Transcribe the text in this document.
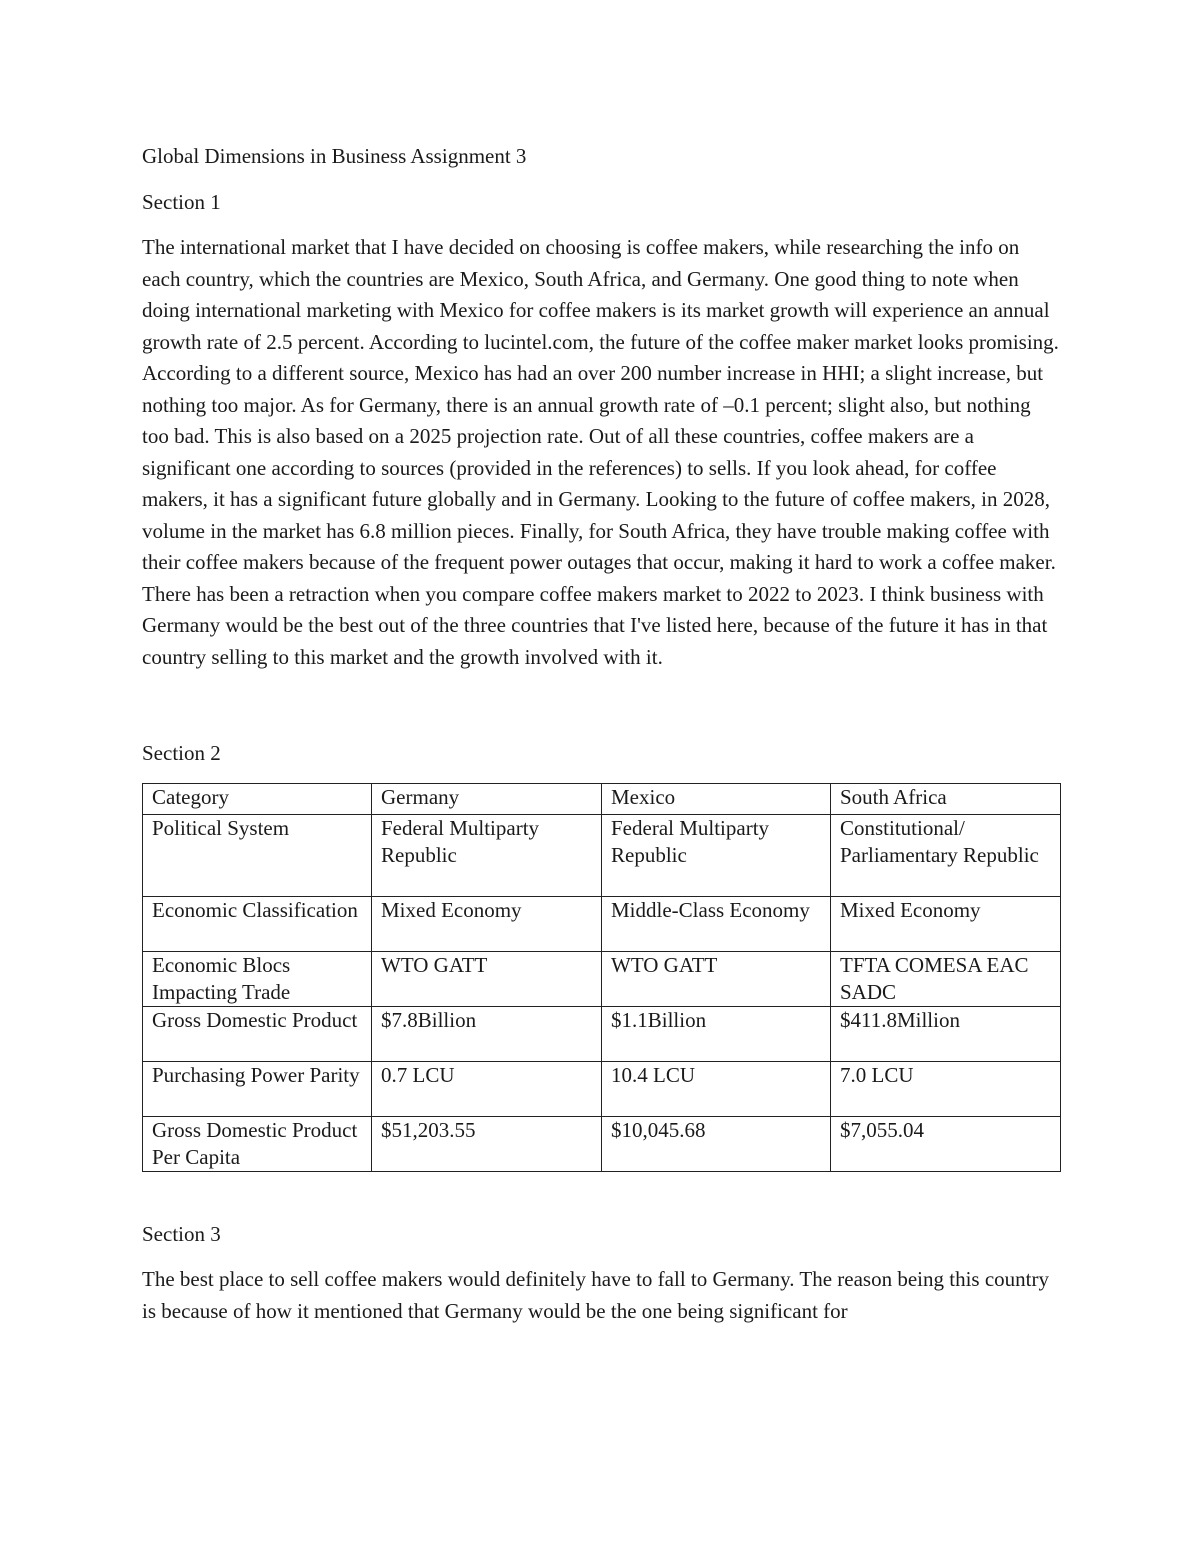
Global Dimensions in Business Assignment 3
Section 1

The international market that I have decided on choosing is coffee makers, while researching the info on each country, which the countries are Mexico, South Africa, and Germany. One good thing to note when doing international marketing with Mexico for coffee makers is its market growth will experience an annual growth rate of 2.5 percent. According to lucintel.com, the future of the coffee maker market looks promising. According to a different source, Mexico has had an over 200 number increase in HHI; a slight increase, but nothing too major. As for Germany, there is an annual growth rate of –0.1 percent; slight also, but nothing too bad. This is also based on a 2025 projection rate. Out of all these countries, coffee makers are a significant one according to sources (provided in the references) to sells. If you look ahead, for coffee makers, it has a significant future globally and in Germany. Looking to the future of coffee makers, in 2028, volume in the market has 6.8 million pieces. Finally, for South Africa, they have trouble making coffee with their coffee makers because of the frequent power outages that occur, making it hard to work a coffee maker. There has been a retraction when you compare coffee makers market to 2022 to 2023. I think business with Germany would be the best out of the three countries that I've listed here, because of the future it has in that country selling to this market and the growth involved with it.

Section 2
Category	Germany	Mexico	South Africa
Political System	Federal Multiparty Republic	Federal Multiparty Republic	Constitutional/ Parliamentary Republic
Economic Classification	Mixed Economy	Middle-Class Economy	Mixed Economy
Economic Blocs Impacting Trade	WTO GATT	WTO GATT	TFTA COMESA EAC SADC
Gross Domestic Product	$7.8Billion	$1.1Billion	$411.8Million
Purchasing Power Parity	0.7 LCU	10.4 LCU	7.0 LCU
Gross Domestic Product Per Capita	$51,203.55	$10,045.68	$7,055.04
Section 3

The best place to sell coffee makers would definitely have to fall to Germany. The reason being this country is because of how it mentioned that Germany would be the one being significant for
